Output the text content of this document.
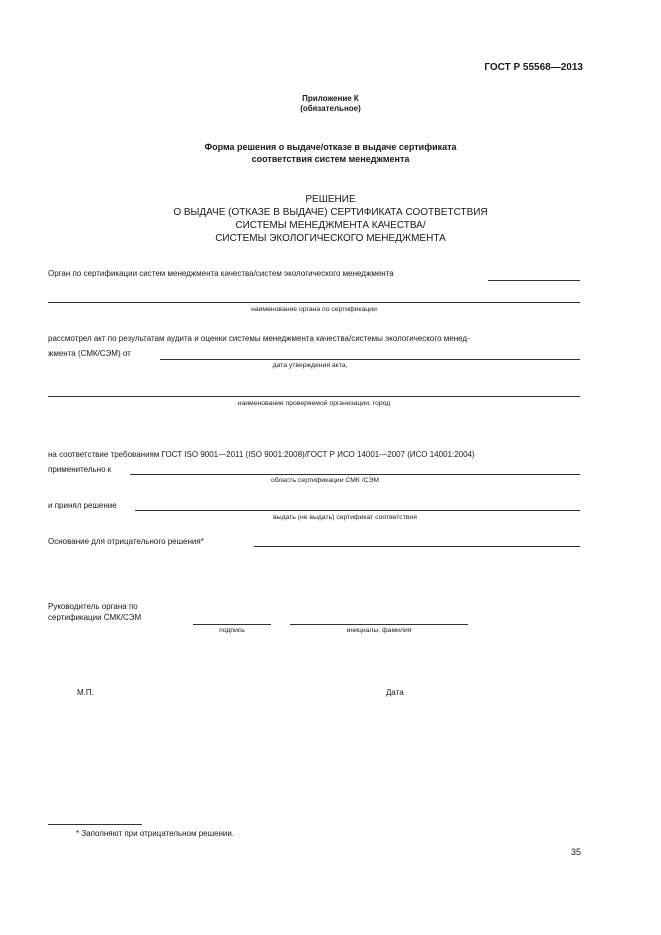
ГОСТ Р 55568—2013
Приложение К
(обязательное)
Форма решения о выдаче/отказе в выдаче сертификата
соответствия систем менеджмента
РЕШЕНИЕ
О ВЫДАЧЕ (ОТКАЗЕ В ВЫДАЧЕ) СЕРТИФИКАТА СООТВЕТСТВИЯ
СИСТЕМЫ МЕНЕДЖМЕНТА КАЧЕСТВА/
СИСТЕМЫ ЭКОЛОГИЧЕСКОГО МЕНЕДЖМЕНТА
Орган по сертификации систем менеджмента качества/систем экологического менеджмента
наименование органа по сертификации
рассмотрел акт по результатам аудита и оценки системы менеджмента качества/системы экологического менед-
жмента (СМК/СЭМ) от
дата утверждения акта,
наименование проверяемой организации. город
на соответствие требованиям ГОСТ ISO 9001—2011 (ISO 9001:2008)/ГОСТ Р ИСО 14001—2007 (ИСО 14001:2004)
применительно к
область сертификации СМК /СЭМ
и принял решение
выдать (не выдать) сертификат соответствия
Основание для отрицательного решения*
Руководитель органа по
сертификации СМК/СЭМ
подпись	инициалы, фамилия
М.П.	Дата
* Заполняют при отрицательном решении.
35
